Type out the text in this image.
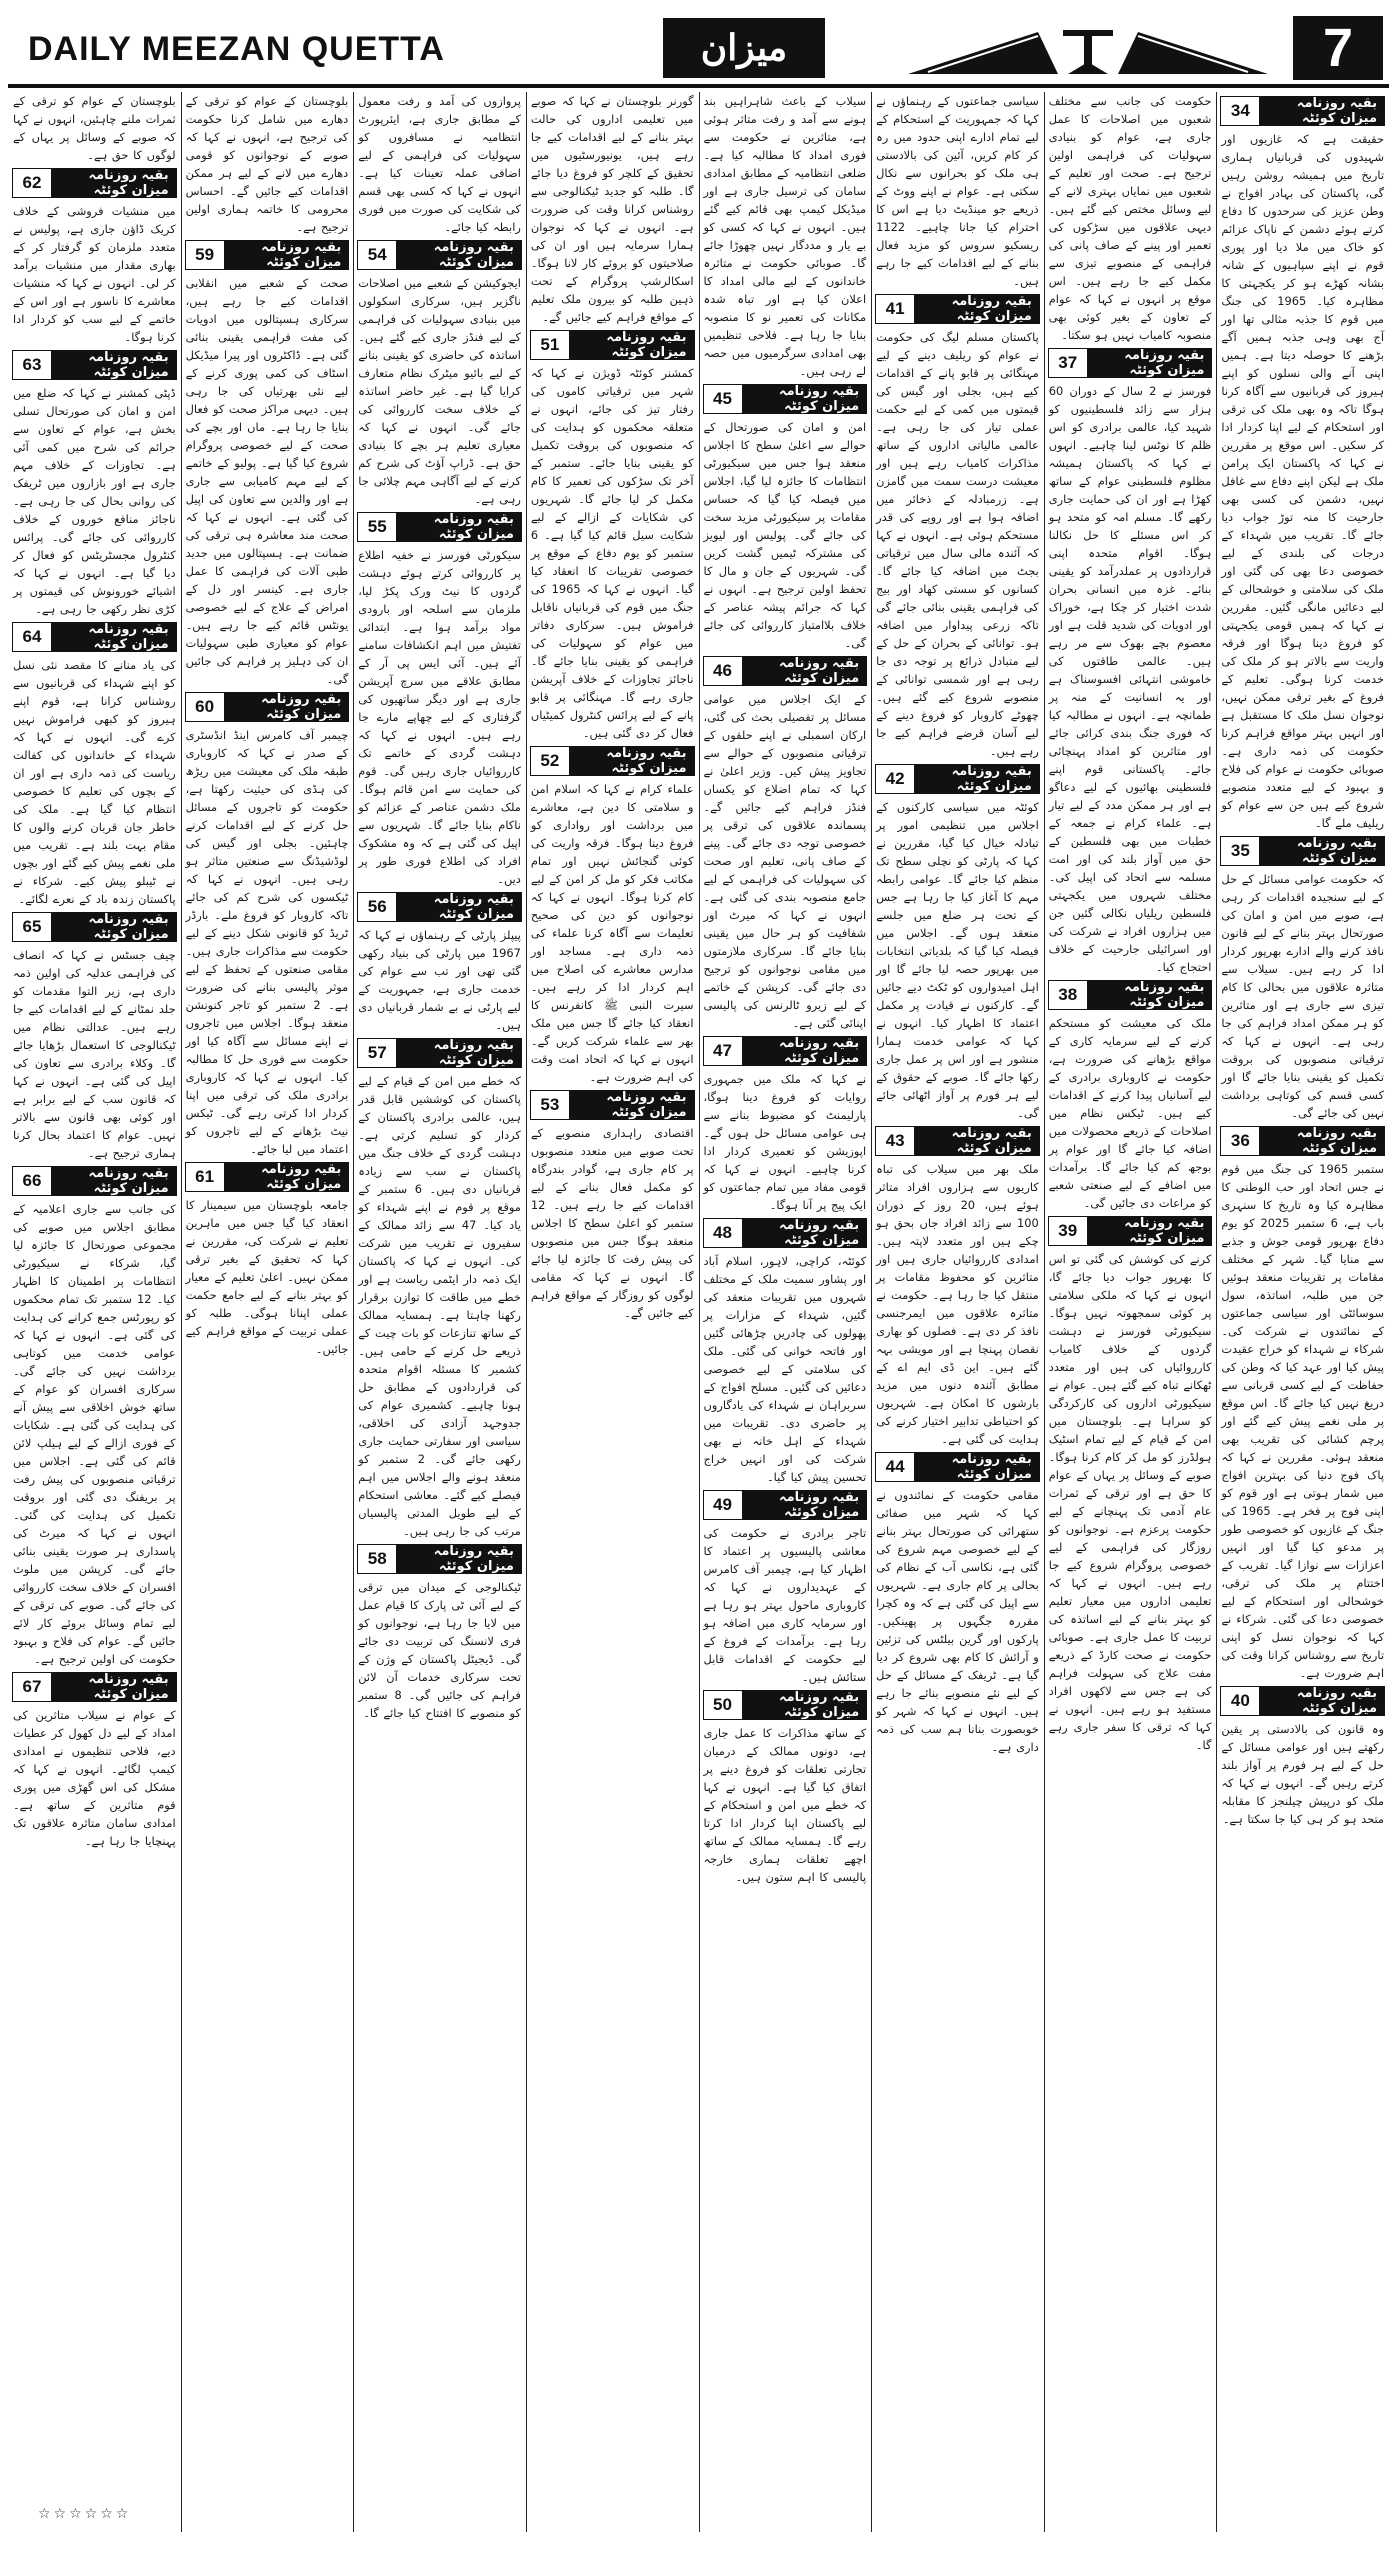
DAILY MEEZAN QUETTA	میزان	7
بقیہ روزنامہ میزان کوئٹہ
34
حقیقت ہے کہ غازیوں اور شہیدوں کی قربانیاں ہماری تاریخ میں ہمیشہ روشن رہیں گی، پاکستان کی بہادر افواج نے وطن عزیز کی سرحدوں کا دفاع کرتے ہوئے دشمن کے ناپاک عزائم کو خاک میں ملا دیا اور پوری قوم نے اپنے سپاہیوں کے شانہ بشانہ کھڑے ہو کر یکجہتی کا مظاہرہ کیا۔ 1965 کی جنگ میں قوم کا جذبہ مثالی تھا اور آج بھی وہی جذبہ ہمیں آگے بڑھنے کا حوصلہ دیتا ہے۔ ہمیں اپنی آنے والی نسلوں کو اپنے ہیروز کی قربانیوں سے آگاہ کرنا ہوگا تاکہ وہ بھی ملک کی ترقی اور استحکام کے لیے اپنا کردار ادا کر سکیں۔ اس موقع پر مقررین نے کہا کہ پاکستان ایک پرامن ملک ہے لیکن اپنے دفاع سے غافل نہیں، دشمن کی کسی بھی جارحیت کا منہ توڑ جواب دیا جائے گا۔ تقریب میں شہداء کے درجات کی بلندی کے لیے خصوصی دعا بھی کی گئی اور ملک کی سلامتی و خوشحالی کے لیے دعائیں مانگی گئیں۔ مقررین نے کہا کہ ہمیں قومی یکجہتی کو فروغ دینا ہوگا اور فرقہ واریت سے بالاتر ہو کر ملک کی خدمت کرنا ہوگی۔ تعلیم کے فروغ کے بغیر ترقی ممکن نہیں، نوجوان نسل ملک کا مستقبل ہے اور انہیں بہتر مواقع فراہم کرنا حکومت کی ذمہ داری ہے۔ صوبائی حکومت نے عوام کی فلاح و بہبود کے لیے متعدد منصوبے شروع کیے ہیں جن سے عوام کو ریلیف ملے گا۔
بقیہ روزنامہ میزان کوئٹہ
35
کہ حکومت عوامی مسائل کے حل کے لیے سنجیدہ اقدامات کر رہی ہے، صوبے میں امن و امان کی صورتحال بہتر بنانے کے لیے قانون نافذ کرنے والے ادارے بھرپور کردار ادا کر رہے ہیں۔ سیلاب سے متاثرہ علاقوں میں بحالی کا کام تیزی سے جاری ہے اور متاثرین کو ہر ممکن امداد فراہم کی جا رہی ہے۔ انہوں نے کہا کہ ترقیاتی منصوبوں کی بروقت تکمیل کو یقینی بنایا جائے گا اور کسی قسم کی کوتاہی برداشت نہیں کی جائے گی۔
بقیہ روزنامہ میزان کوئٹہ
36
ستمبر 1965 کی جنگ میں قوم نے جس اتحاد اور حب الوطنی کا مظاہرہ کیا وہ تاریخ کا سنہری باب ہے، 6 ستمبر 2025 کو یوم دفاع بھرپور قومی جوش و جذبے سے منایا گیا۔ شہر کے مختلف مقامات پر تقریبات منعقد ہوئیں جن میں طلبہ، اساتذہ، سول سوسائٹی اور سیاسی جماعتوں کے نمائندوں نے شرکت کی۔ شرکاء نے شہداء کو خراج عقیدت پیش کیا اور عہد کیا کہ وطن کی حفاظت کے لیے کسی قربانی سے دریغ نہیں کیا جائے گا۔ اس موقع پر ملی نغمے پیش کیے گئے اور پرچم کشائی کی تقریب بھی منعقد ہوئی۔ مقررین نے کہا کہ پاک فوج دنیا کی بہترین افواج میں شمار ہوتی ہے اور قوم کو اپنی فوج پر فخر ہے۔ 1965 کی جنگ کے غازیوں کو خصوصی طور پر مدعو کیا گیا اور انہیں اعزازات سے نوازا گیا۔ تقریب کے اختتام پر ملک کی ترقی، خوشحالی اور استحکام کے لیے خصوصی دعا کی گئی۔ شرکاء نے کہا کہ نوجوان نسل کو اپنی تاریخ سے روشناس کرانا وقت کی اہم ضرورت ہے۔
بقیہ روزنامہ میزان کوئٹہ
40
وہ قانون کی بالادستی پر یقین رکھتے ہیں اور عوامی مسائل کے حل کے لیے ہر فورم پر آواز بلند کرتے رہیں گے۔ انہوں نے کہا کہ ملک کو درپیش چیلنجز کا مقابلہ متحد ہو کر ہی کیا جا سکتا ہے۔
حکومت کی جانب سے مختلف شعبوں میں اصلاحات کا عمل جاری ہے، عوام کو بنیادی سہولیات کی فراہمی اولین ترجیح ہے۔ صحت اور تعلیم کے شعبوں میں نمایاں بہتری لانے کے لیے وسائل مختص کیے گئے ہیں۔ دیہی علاقوں میں سڑکوں کی تعمیر اور پینے کے صاف پانی کی فراہمی کے منصوبے تیزی سے مکمل کیے جا رہے ہیں۔ اس موقع پر انہوں نے کہا کہ عوام کے تعاون کے بغیر کوئی بھی منصوبہ کامیاب نہیں ہو سکتا۔
بقیہ روزنامہ میزان کوئٹہ
37
فورسز نے 2 سال کے دوران 60 ہزار سے زائد فلسطینیوں کو شہید کیا، عالمی برادری کو اس ظلم کا نوٹس لینا چاہیے۔ انہوں نے کہا کہ پاکستان ہمیشہ مظلوم فلسطینی عوام کے ساتھ کھڑا ہے اور ان کی حمایت جاری رکھے گا۔ مسلم امہ کو متحد ہو کر اس مسئلے کا حل نکالنا ہوگا۔ اقوام متحدہ اپنی قراردادوں پر عملدرآمد کو یقینی بنائے۔ غزہ میں انسانی بحران شدت اختیار کر چکا ہے، خوراک اور ادویات کی شدید قلت ہے اور معصوم بچے بھوک سے مر رہے ہیں۔ عالمی طاقتوں کی خاموشی انتہائی افسوسناک ہے اور یہ انسانیت کے منہ پر طمانچہ ہے۔ انہوں نے مطالبہ کیا کہ فوری جنگ بندی کرائی جائے اور متاثرین کو امداد پہنچائی جائے۔ پاکستانی قوم اپنے فلسطینی بھائیوں کے لیے دعاگو ہے اور ہر ممکن مدد کے لیے تیار ہے۔ علماء کرام نے جمعہ کے خطبات میں بھی فلسطین کے حق میں آواز بلند کی اور امت مسلمہ سے اتحاد کی اپیل کی۔ مختلف شہروں میں یکجہتی فلسطین ریلیاں نکالی گئیں جن میں ہزاروں افراد نے شرکت کی اور اسرائیلی جارحیت کے خلاف احتجاج کیا۔
بقیہ روزنامہ میزان کوئٹہ
38
ملک کی معیشت کو مستحکم کرنے کے لیے سرمایہ کاری کے مواقع بڑھانے کی ضرورت ہے، حکومت نے کاروباری برادری کے لیے آسانیاں پیدا کرنے کے اقدامات کیے ہیں۔ ٹیکس نظام میں اصلاحات کے ذریعے محصولات میں اضافہ کیا جائے گا اور عوام پر بوجھ کم کیا جائے گا۔ برآمدات میں اضافے کے لیے صنعتی شعبے کو مراعات دی جائیں گی۔
بقیہ روزنامہ میزان کوئٹہ
39
کرنے کی کوشش کی گئی تو اس کا بھرپور جواب دیا جائے گا، انہوں نے کہا کہ ملکی سلامتی پر کوئی سمجھوتہ نہیں ہوگا۔ سیکیورٹی فورسز نے دہشت گردوں کے خلاف کامیاب کارروائیاں کی ہیں اور متعدد ٹھکانے تباہ کیے گئے ہیں۔ عوام نے سیکیورٹی اداروں کی کارکردگی کو سراہا ہے۔ بلوچستان میں امن کے قیام کے لیے تمام اسٹیک ہولڈرز کو مل کر کام کرنا ہوگا۔ صوبے کے وسائل پر یہاں کے عوام کا حق ہے اور ترقی کے ثمرات عام آدمی تک پہنچانے کے لیے حکومت پرعزم ہے۔ نوجوانوں کو روزگار کی فراہمی کے لیے خصوصی پروگرام شروع کیے جا رہے ہیں۔ انہوں نے کہا کہ تعلیمی اداروں میں معیار تعلیم کو بہتر بنانے کے لیے اساتذہ کی تربیت کا عمل جاری ہے۔ صوبائی حکومت نے صحت کارڈ کے ذریعے مفت علاج کی سہولت فراہم کی ہے جس سے لاکھوں افراد مستفید ہو رہے ہیں۔ انہوں نے کہا کہ ترقی کا سفر جاری رہے گا۔
سیاسی جماعتوں کے رہنماؤں نے کہا کہ جمہوریت کے استحکام کے لیے تمام ادارے اپنی حدود میں رہ کر کام کریں، آئین کی بالادستی ہی ملک کو بحرانوں سے نکال سکتی ہے۔ عوام نے اپنے ووٹ کے ذریعے جو مینڈیٹ دیا ہے اس کا احترام کیا جانا چاہیے۔ 1122 ریسکیو سروس کو مزید فعال بنانے کے لیے اقدامات کیے جا رہے ہیں۔
بقیہ روزنامہ میزان کوئٹہ
41
پاکستان مسلم لیگ کی حکومت نے عوام کو ریلیف دینے کے لیے مہنگائی پر قابو پانے کے اقدامات کیے ہیں، بجلی اور گیس کی قیمتوں میں کمی کے لیے حکمت عملی تیار کی جا رہی ہے۔ عالمی مالیاتی اداروں کے ساتھ مذاکرات کامیاب رہے ہیں اور معیشت درست سمت میں گامزن ہے۔ زرمبادلہ کے ذخائر میں اضافہ ہوا ہے اور روپے کی قدر مستحکم ہوئی ہے۔ انہوں نے کہا کہ آئندہ مالی سال میں ترقیاتی بجٹ میں اضافہ کیا جائے گا۔ کسانوں کو سستی کھاد اور بیج کی فراہمی یقینی بنائی جائے گی تاکہ زرعی پیداوار میں اضافہ ہو۔ توانائی کے بحران کے حل کے لیے متبادل ذرائع پر توجہ دی جا رہی ہے اور شمسی توانائی کے منصوبے شروع کیے گئے ہیں۔ چھوٹے کاروبار کو فروغ دینے کے لیے آسان قرضے فراہم کیے جا رہے ہیں۔
بقیہ روزنامہ میزان کوئٹہ
42
کوئٹہ میں سیاسی کارکنوں کے اجلاس میں تنظیمی امور پر تبادلہ خیال کیا گیا، مقررین نے کہا کہ پارٹی کو نچلی سطح تک منظم کیا جائے گا۔ عوامی رابطہ مہم کا آغاز کیا جا رہا ہے جس کے تحت ہر ضلع میں جلسے منعقد ہوں گے۔ اجلاس میں فیصلہ کیا گیا کہ بلدیاتی انتخابات میں بھرپور حصہ لیا جائے گا اور اہل امیدواروں کو ٹکٹ دیے جائیں گے۔ کارکنوں نے قیادت پر مکمل اعتماد کا اظہار کیا۔ انہوں نے کہا کہ عوامی خدمت ہمارا منشور ہے اور اس پر عمل جاری رکھا جائے گا۔ صوبے کے حقوق کے لیے ہر فورم پر آواز اٹھائی جائے گی۔
بقیہ روزنامہ میزان کوئٹہ
43
ملک بھر میں سیلاب کی تباہ کاریوں سے ہزاروں افراد متاثر ہوئے ہیں، 20 روز کے دوران 100 سے زائد افراد جاں بحق ہو چکے ہیں اور متعدد لاپتہ ہیں۔ امدادی کارروائیاں جاری ہیں اور متاثرین کو محفوظ مقامات پر منتقل کیا جا رہا ہے۔ حکومت نے متاثرہ علاقوں میں ایمرجنسی نافذ کر دی ہے۔ فصلوں کو بھاری نقصان پہنچا ہے اور مویشی بہہ گئے ہیں۔ این ڈی ایم اے کے مطابق آئندہ دنوں میں مزید بارشوں کا امکان ہے۔ شہریوں کو احتیاطی تدابیر اختیار کرنے کی ہدایت کی گئی ہے۔
بقیہ روزنامہ میزان کوئٹہ
44
مقامی حکومت کے نمائندوں نے کہا کہ شہر میں صفائی ستھرائی کی صورتحال بہتر بنانے کے لیے خصوصی مہم شروع کی گئی ہے، نکاسی آب کے نظام کی بحالی پر کام جاری ہے۔ شہریوں سے اپیل کی گئی ہے کہ وہ کچرا مقررہ جگہوں پر پھینکیں۔ پارکوں اور گرین بیلٹس کی تزئین و آرائش کا کام بھی شروع کر دیا گیا ہے۔ ٹریفک کے مسائل کے حل کے لیے نئے منصوبے بنائے جا رہے ہیں۔ انہوں نے کہا کہ شہر کو خوبصورت بنانا ہم سب کی ذمہ داری ہے۔
سیلاب کے باعث شاہراہیں بند ہونے سے آمد و رفت متاثر ہوئی ہے، متاثرین نے حکومت سے فوری امداد کا مطالبہ کیا ہے۔ ضلعی انتظامیہ کے مطابق امدادی سامان کی ترسیل جاری ہے اور میڈیکل کیمپ بھی قائم کیے گئے ہیں۔ انہوں نے کہا کہ کسی کو بے یار و مددگار نہیں چھوڑا جائے گا۔ صوبائی حکومت نے متاثرہ خاندانوں کے لیے مالی امداد کا اعلان کیا ہے اور تباہ شدہ مکانات کی تعمیر نو کا منصوبہ بنایا جا رہا ہے۔ فلاحی تنظیمیں بھی امدادی سرگرمیوں میں حصہ لے رہی ہیں۔
بقیہ روزنامہ میزان کوئٹہ
45
امن و امان کی صورتحال کے حوالے سے اعلیٰ سطح کا اجلاس منعقد ہوا جس میں سیکیورٹی انتظامات کا جائزہ لیا گیا، اجلاس میں فیصلہ کیا گیا کہ حساس مقامات پر سیکیورٹی مزید سخت کی جائے گی۔ پولیس اور لیویز کی مشترکہ ٹیمیں گشت کریں گی۔ شہریوں کے جان و مال کا تحفظ اولین ترجیح ہے۔ انہوں نے کہا کہ جرائم پیشہ عناصر کے خلاف بلاامتیاز کارروائی کی جائے گی۔
بقیہ روزنامہ میزان کوئٹہ
46
کے ایک اجلاس میں عوامی مسائل پر تفصیلی بحث کی گئی، ارکان اسمبلی نے اپنے حلقوں کے ترقیاتی منصوبوں کے حوالے سے تجاویز پیش کیں۔ وزیر اعلیٰ نے کہا کہ تمام اضلاع کو یکساں فنڈز فراہم کیے جائیں گے۔ پسماندہ علاقوں کی ترقی پر خصوصی توجہ دی جائے گی۔ پینے کے صاف پانی، تعلیم اور صحت کی سہولیات کی فراہمی کے لیے جامع منصوبہ بندی کی گئی ہے۔ انہوں نے کہا کہ میرٹ اور شفافیت کو ہر حال میں یقینی بنایا جائے گا۔ سرکاری ملازمتوں میں مقامی نوجوانوں کو ترجیح دی جائے گی۔ کرپشن کے خاتمے کے لیے زیرو ٹالرنس کی پالیسی اپنائی گئی ہے۔
بقیہ روزنامہ میزان کوئٹہ
47
نے کہا کہ ملک میں جمہوری روایات کو فروغ دینا ہوگا، پارلیمنٹ کو مضبوط بنانے سے ہی عوامی مسائل حل ہوں گے۔ اپوزیشن کو تعمیری کردار ادا کرنا چاہیے۔ انہوں نے کہا کہ قومی مفاد میں تمام جماعتوں کو ایک پیج پر آنا ہوگا۔
بقیہ روزنامہ میزان کوئٹہ
48
کوئٹہ، کراچی، لاہور، اسلام آباد اور پشاور سمیت ملک کے مختلف شہروں میں تقریبات منعقد کی گئیں، شہداء کے مزارات پر پھولوں کی چادریں چڑھائی گئیں اور فاتحہ خوانی کی گئی۔ ملک کی سلامتی کے لیے خصوصی دعائیں کی گئیں۔ مسلح افواج کے سربراہان نے شہداء کی یادگاروں پر حاضری دی۔ تقریبات میں شہداء کے اہل خانہ نے بھی شرکت کی اور انہیں خراج تحسین پیش کیا گیا۔
بقیہ روزنامہ میزان کوئٹہ
49
تاجر برادری نے حکومت کی معاشی پالیسیوں پر اعتماد کا اظہار کیا ہے، چیمبر آف کامرس کے عہدیداروں نے کہا کہ کاروباری ماحول بہتر ہو رہا ہے اور سرمایہ کاری میں اضافہ ہو رہا ہے۔ برآمدات کے فروغ کے لیے حکومت کے اقدامات قابل ستائش ہیں۔
بقیہ روزنامہ میزان کوئٹہ
50
کے ساتھ مذاکرات کا عمل جاری ہے، دونوں ممالک کے درمیان تجارتی تعلقات کو فروغ دینے پر اتفاق کیا گیا ہے۔ انہوں نے کہا کہ خطے میں امن و استحکام کے لیے پاکستان اپنا کردار ادا کرتا رہے گا۔ ہمسایہ ممالک کے ساتھ اچھے تعلقات ہماری خارجہ پالیسی کا اہم ستون ہیں۔
گورنر بلوچستان نے کہا کہ صوبے میں تعلیمی اداروں کی حالت بہتر بنانے کے لیے اقدامات کیے جا رہے ہیں، یونیورسٹیوں میں تحقیق کے کلچر کو فروغ دیا جائے گا۔ طلبہ کو جدید ٹیکنالوجی سے روشناس کرانا وقت کی ضرورت ہے۔ انہوں نے کہا کہ نوجوان ہمارا سرمایہ ہیں اور ان کی صلاحیتوں کو بروئے کار لانا ہوگا۔ اسکالرشپ پروگرام کے تحت ذہین طلبہ کو بیرون ملک تعلیم کے مواقع فراہم کیے جائیں گے۔
بقیہ روزنامہ میزان کوئٹہ
51
کمشنر کوئٹہ ڈویژن نے کہا کہ شہر میں ترقیاتی کاموں کی رفتار تیز کی جائے، انہوں نے متعلقہ محکموں کو ہدایت کی کہ منصوبوں کی بروقت تکمیل کو یقینی بنایا جائے۔ ستمبر کے آخر تک سڑکوں کی تعمیر کا کام مکمل کر لیا جائے گا۔ شہریوں کی شکایات کے ازالے کے لیے شکایت سیل قائم کیا گیا ہے۔ 6 ستمبر کو یوم دفاع کے موقع پر خصوصی تقریبات کا انعقاد کیا گیا۔ انہوں نے کہا کہ 1965 کی جنگ میں قوم کی قربانیاں ناقابل فراموش ہیں۔ سرکاری دفاتر میں عوام کو سہولیات کی فراہمی کو یقینی بنایا جائے گا۔ ناجائز تجاوزات کے خلاف آپریشن جاری رہے گا۔ مہنگائی پر قابو پانے کے لیے پرائس کنٹرول کمیٹیاں فعال کر دی گئی ہیں۔
بقیہ روزنامہ میزان کوئٹہ
52
علماء کرام نے کہا کہ اسلام امن و سلامتی کا دین ہے، معاشرے میں برداشت اور رواداری کو فروغ دینا ہوگا۔ فرقہ واریت کی کوئی گنجائش نہیں اور تمام مکاتب فکر کو مل کر امن کے لیے کام کرنا ہوگا۔ انہوں نے کہا کہ نوجوانوں کو دین کی صحیح تعلیمات سے آگاہ کرنا علماء کی ذمہ داری ہے۔ مساجد اور مدارس معاشرے کی اصلاح میں اہم کردار ادا کر رہے ہیں۔ سیرت النبی ﷺ کانفرنس کا انعقاد کیا جائے گا جس میں ملک بھر سے علماء شرکت کریں گے۔ انہوں نے کہا کہ اتحاد امت وقت کی اہم ضرورت ہے۔
بقیہ روزنامہ میزان کوئٹہ
53
اقتصادی راہداری منصوبے کے تحت صوبے میں متعدد منصوبوں پر کام جاری ہے، گوادر بندرگاہ کو مکمل فعال بنانے کے لیے اقدامات کیے جا رہے ہیں۔ 12 ستمبر کو اعلیٰ سطح کا اجلاس منعقد ہوگا جس میں منصوبوں کی پیش رفت کا جائزہ لیا جائے گا۔ انہوں نے کہا کہ مقامی لوگوں کو روزگار کے مواقع فراہم کیے جائیں گے۔
پروازوں کی آمد و رفت معمول کے مطابق جاری ہے، ایئرپورٹ انتظامیہ نے مسافروں کو سہولیات کی فراہمی کے لیے اضافی عملہ تعینات کیا ہے۔ انہوں نے کہا کہ کسی بھی قسم کی شکایت کی صورت میں فوری رابطہ کیا جائے۔
بقیہ روزنامہ میزان کوئٹہ
54
ایجوکیشن کے شعبے میں اصلاحات ناگزیر ہیں، سرکاری اسکولوں میں بنیادی سہولیات کی فراہمی کے لیے فنڈز جاری کیے گئے ہیں۔ اساتذہ کی حاضری کو یقینی بنانے کے لیے بائیو میٹرک نظام متعارف کرایا گیا ہے۔ غیر حاضر اساتذہ کے خلاف سخت کارروائی کی جائے گی۔ انہوں نے کہا کہ معیاری تعلیم ہر بچے کا بنیادی حق ہے۔ ڈراپ آؤٹ کی شرح کم کرنے کے لیے آگاہی مہم چلائی جا رہی ہے۔
بقیہ روزنامہ میزان کوئٹہ
55
سیکورٹی فورسز نے خفیہ اطلاع پر کارروائی کرتے ہوئے دہشت گردوں کا نیٹ ورک پکڑ لیا، ملزمان سے اسلحہ اور بارودی مواد برآمد ہوا ہے۔ ابتدائی تفتیش میں اہم انکشافات سامنے آئے ہیں۔ آئی ایس پی آر کے مطابق علاقے میں سرچ آپریشن جاری ہے اور دیگر ساتھیوں کی گرفتاری کے لیے چھاپے مارے جا رہے ہیں۔ انہوں نے کہا کہ دہشت گردی کے خاتمے تک کارروائیاں جاری رہیں گی۔ قوم کی حمایت سے امن قائم ہوگا۔ ملک دشمن عناصر کے عزائم کو ناکام بنایا جائے گا۔ شہریوں سے اپیل کی گئی ہے کہ وہ مشکوک افراد کی اطلاع فوری طور پر دیں۔
بقیہ روزنامہ میزان کوئٹہ
56
پیپلز پارٹی کے رہنماؤں نے کہا کہ 1967 میں پارٹی کی بنیاد رکھی گئی تھی اور تب سے عوام کی خدمت جاری ہے، جمہوریت کے لیے پارٹی نے بے شمار قربانیاں دی ہیں۔
بقیہ روزنامہ میزان کوئٹہ
57
کہ خطے میں امن کے قیام کے لیے پاکستان کی کوششیں قابل قدر ہیں، عالمی برادری پاکستان کے کردار کو تسلیم کرتی ہے۔ دہشت گردی کے خلاف جنگ میں پاکستان نے سب سے زیادہ قربانیاں دی ہیں۔ 6 ستمبر کے موقع پر قوم نے اپنے شہداء کو یاد کیا۔ 47 سے زائد ممالک کے سفیروں نے تقریب میں شرکت کی۔ انہوں نے کہا کہ پاکستان ایک ذمہ دار ایٹمی ریاست ہے اور خطے میں طاقت کا توازن برقرار رکھنا چاہتا ہے۔ ہمسایہ ممالک کے ساتھ تنازعات کو بات چیت کے ذریعے حل کرنے کے حامی ہیں۔ کشمیر کا مسئلہ اقوام متحدہ کی قراردادوں کے مطابق حل ہونا چاہیے۔ کشمیری عوام کی جدوجہد آزادی کی اخلاقی، سیاسی اور سفارتی حمایت جاری رکھی جائے گی۔ 2 ستمبر کو منعقد ہونے والے اجلاس میں اہم فیصلے کیے گئے۔ معاشی استحکام کے لیے طویل المدتی پالیسیاں مرتب کی جا رہی ہیں۔
بقیہ روزنامہ میزان کوئٹہ
58
ٹیکنالوجی کے میدان میں ترقی کے لیے آئی ٹی پارک کا قیام عمل میں لایا جا رہا ہے، نوجوانوں کو فری لانسنگ کی تربیت دی جائے گی۔ ڈیجیٹل پاکستان کے وژن کے تحت سرکاری خدمات آن لائن فراہم کی جائیں گی۔ 8 ستمبر کو منصوبے کا افتتاح کیا جائے گا۔
بلوچستان کے عوام کو ترقی کے دھارے میں شامل کرنا حکومت کی ترجیح ہے، انہوں نے کہا کہ صوبے کے نوجوانوں کو قومی دھارے میں لانے کے لیے ہر ممکن اقدامات کیے جائیں گے۔ احساس محرومی کا خاتمہ ہماری اولین ترجیح ہے۔
بقیہ روزنامہ میزان کوئٹہ
59
صحت کے شعبے میں انقلابی اقدامات کیے جا رہے ہیں، سرکاری ہسپتالوں میں ادویات کی مفت فراہمی یقینی بنائی گئی ہے۔ ڈاکٹروں اور پیرا میڈیکل اسٹاف کی کمی پوری کرنے کے لیے نئی بھرتیاں کی جا رہی ہیں۔ دیہی مراکز صحت کو فعال بنایا جا رہا ہے۔ ماں اور بچے کی صحت کے لیے خصوصی پروگرام شروع کیا گیا ہے۔ پولیو کے خاتمے کے لیے مہم کامیابی سے جاری ہے اور والدین سے تعاون کی اپیل کی گئی ہے۔ انہوں نے کہا کہ صحت مند معاشرہ ہی ترقی کی ضمانت ہے۔ ہسپتالوں میں جدید طبی آلات کی فراہمی کا عمل جاری ہے۔ کینسر اور دل کے امراض کے علاج کے لیے خصوصی یونٹس قائم کیے جا رہے ہیں۔ عوام کو معیاری طبی سہولیات ان کی دہلیز پر فراہم کی جائیں گی۔
بقیہ روزنامہ میزان کوئٹہ
60
چیمبر آف کامرس اینڈ انڈسٹری کے صدر نے کہا کہ کاروباری طبقہ ملک کی معیشت میں ریڑھ کی ہڈی کی حیثیت رکھتا ہے، حکومت کو تاجروں کے مسائل حل کرنے کے لیے اقدامات کرنے چاہئیں۔ بجلی اور گیس کی لوڈشیڈنگ سے صنعتیں متاثر ہو رہی ہیں۔ انہوں نے کہا کہ ٹیکسوں کی شرح کم کی جائے تاکہ کاروبار کو فروغ ملے۔ بارڈر ٹریڈ کو قانونی شکل دینے کے لیے حکومت سے مذاکرات جاری ہیں۔ مقامی صنعتوں کے تحفظ کے لیے موثر پالیسی بنانے کی ضرورت ہے۔ 2 ستمبر کو تاجر کنونشن منعقد ہوگا۔ اجلاس میں تاجروں نے اپنے مسائل سے آگاہ کیا اور حکومت سے فوری حل کا مطالبہ کیا۔ انہوں نے کہا کہ کاروباری برادری ملک کی ترقی میں اپنا کردار ادا کرتی رہے گی۔ ٹیکس نیٹ بڑھانے کے لیے تاجروں کو اعتماد میں لیا جائے۔
بقیہ روزنامہ میزان کوئٹہ
61
جامعہ بلوچستان میں سیمینار کا انعقاد کیا گیا جس میں ماہرین تعلیم نے شرکت کی، مقررین نے کہا کہ تحقیق کے بغیر ترقی ممکن نہیں۔ اعلیٰ تعلیم کے معیار کو بہتر بنانے کے لیے جامع حکمت عملی اپنانا ہوگی۔ طلبہ کو عملی تربیت کے مواقع فراہم کیے جائیں۔
بلوچستان کے عوام کو ترقی کے ثمرات ملنے چاہئیں، انہوں نے کہا کہ صوبے کے وسائل پر یہاں کے لوگوں کا حق ہے۔
بقیہ روزنامہ میزان کوئٹہ
62
میں منشیات فروشی کے خلاف کریک ڈاؤن جاری ہے، پولیس نے متعدد ملزمان کو گرفتار کر کے بھاری مقدار میں منشیات برآمد کر لی۔ انہوں نے کہا کہ منشیات معاشرے کا ناسور ہے اور اس کے خاتمے کے لیے سب کو کردار ادا کرنا ہوگا۔
بقیہ روزنامہ میزان کوئٹہ
63
ڈپٹی کمشنر نے کہا کہ ضلع میں امن و امان کی صورتحال تسلی بخش ہے، عوام کے تعاون سے جرائم کی شرح میں کمی آئی ہے۔ تجاوزات کے خلاف مہم جاری ہے اور بازاروں میں ٹریفک کی روانی بحال کی جا رہی ہے۔ ناجائز منافع خوروں کے خلاف کارروائی کی جائے گی۔ پرائس کنٹرول مجسٹریٹس کو فعال کر دیا گیا ہے۔ انہوں نے کہا کہ اشیائے خورونوش کی قیمتوں پر کڑی نظر رکھی جا رہی ہے۔
بقیہ روزنامہ میزان کوئٹہ
64
کی یاد منانے کا مقصد نئی نسل کو اپنے شہداء کی قربانیوں سے روشناس کرانا ہے، قوم اپنے ہیروز کو کبھی فراموش نہیں کرے گی۔ انہوں نے کہا کہ شہداء کے خاندانوں کی کفالت ریاست کی ذمہ داری ہے اور ان کے بچوں کی تعلیم کا خصوصی انتظام کیا گیا ہے۔ ملک کی خاطر جان قربان کرنے والوں کا مقام بہت بلند ہے۔ تقریب میں ملی نغمے پیش کیے گئے اور بچوں نے ٹیبلو پیش کیے۔ شرکاء نے پاکستان زندہ باد کے نعرے لگائے۔
بقیہ روزنامہ میزان کوئٹہ
65
چیف جسٹس نے کہا کہ انصاف کی فراہمی عدلیہ کی اولین ذمہ داری ہے، زیر التوا مقدمات کو جلد نمٹانے کے لیے اقدامات کیے جا رہے ہیں۔ عدالتی نظام میں ٹیکنالوجی کا استعمال بڑھایا جائے گا۔ وکلاء برادری سے تعاون کی اپیل کی گئی ہے۔ انہوں نے کہا کہ قانون سب کے لیے برابر ہے اور کوئی بھی قانون سے بالاتر نہیں۔ عوام کا اعتماد بحال کرنا ہماری ترجیح ہے۔
بقیہ روزنامہ میزان کوئٹہ
66
کی جانب سے جاری اعلامیہ کے مطابق اجلاس میں صوبے کی مجموعی صورتحال کا جائزہ لیا گیا، شرکاء نے سیکیورٹی انتظامات پر اطمینان کا اظہار کیا۔ 12 ستمبر تک تمام محکموں کو رپورٹس جمع کرانے کی ہدایت کی گئی ہے۔ انہوں نے کہا کہ عوامی خدمت میں کوتاہی برداشت نہیں کی جائے گی۔ سرکاری افسران کو عوام کے ساتھ خوش اخلاقی سے پیش آنے کی ہدایت کی گئی ہے۔ شکایات کے فوری ازالے کے لیے ہیلپ لائن قائم کی گئی ہے۔ اجلاس میں ترقیاتی منصوبوں کی پیش رفت پر بریفنگ دی گئی اور بروقت تکمیل کی ہدایت کی گئی۔ انہوں نے کہا کہ میرٹ کی پاسداری ہر صورت یقینی بنائی جائے گی۔ کرپشن میں ملوث افسران کے خلاف سخت کارروائی کی جائے گی۔ صوبے کی ترقی کے لیے تمام وسائل بروئے کار لائے جائیں گے۔ عوام کی فلاح و بہبود حکومت کی اولین ترجیح ہے۔
بقیہ روزنامہ میزان کوئٹہ
67
کے عوام نے سیلاب متاثرین کی امداد کے لیے دل کھول کر عطیات دیے، فلاحی تنظیموں نے امدادی کیمپ لگائے۔ انہوں نے کہا کہ مشکل کی اس گھڑی میں پوری قوم متاثرین کے ساتھ ہے۔ امدادی سامان متاثرہ علاقوں تک پہنچایا جا رہا ہے۔
☆☆☆☆☆☆
